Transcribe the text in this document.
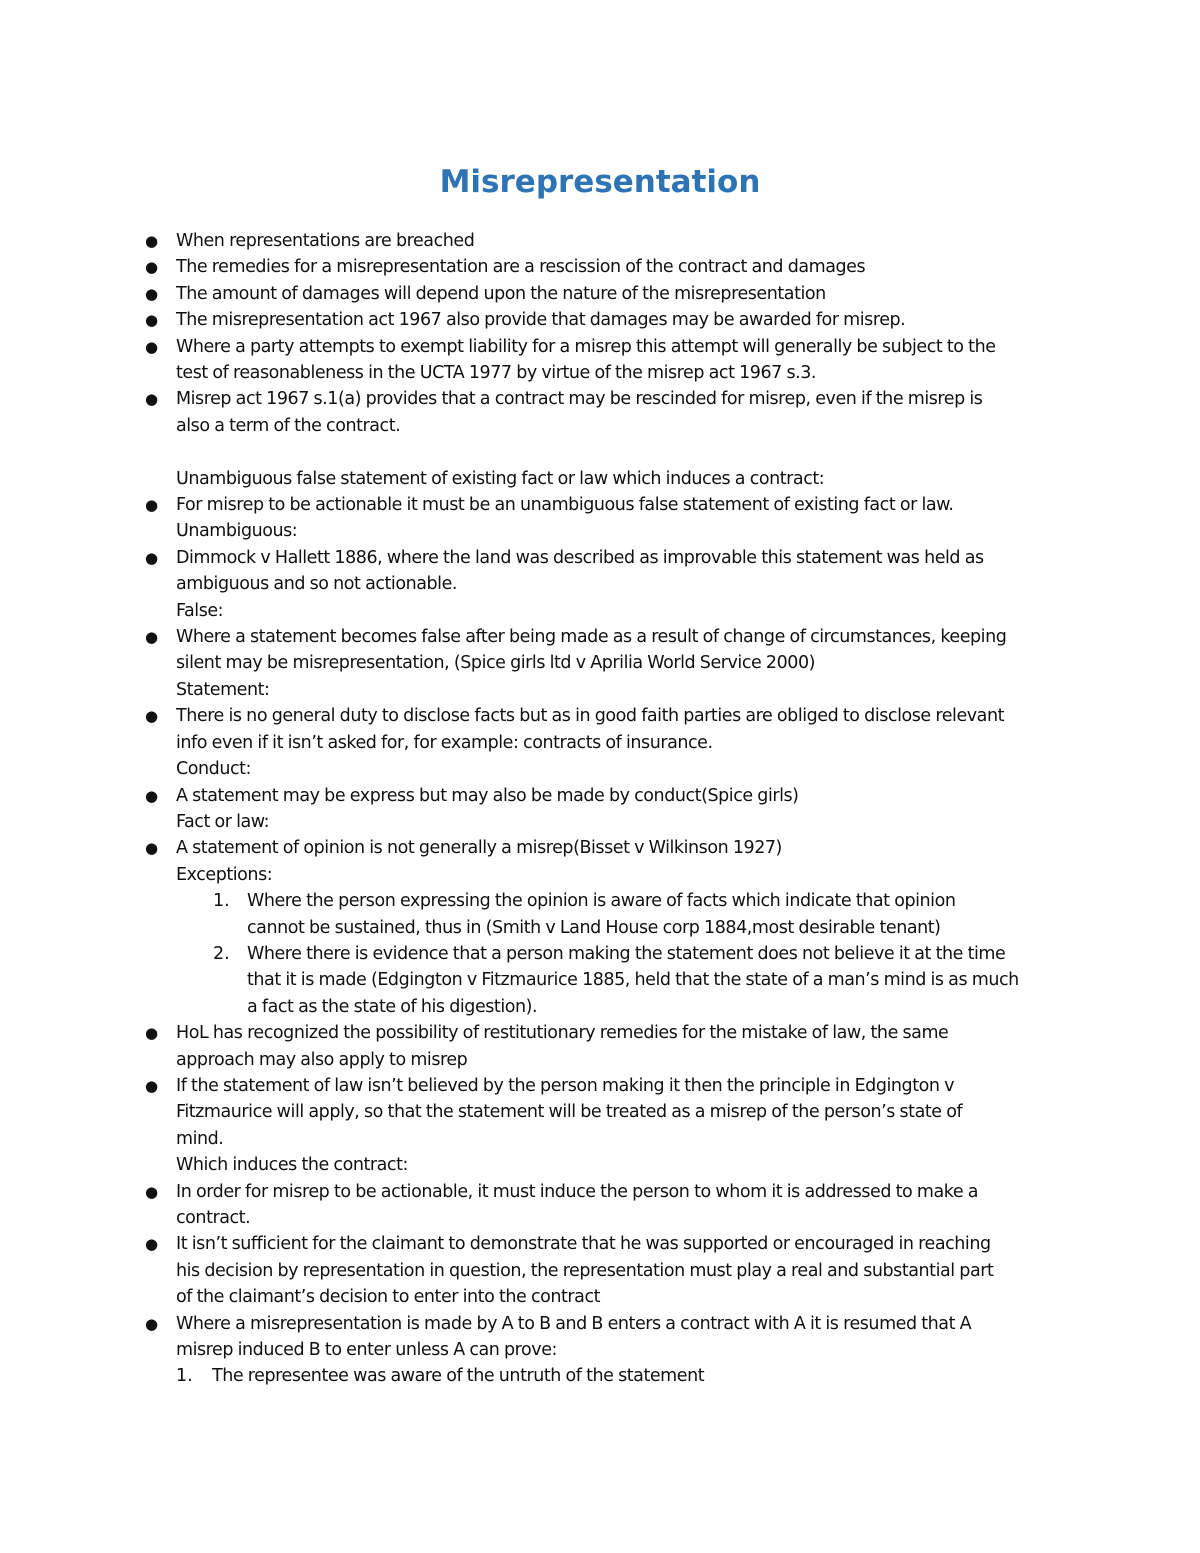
Misrepresentation
● When representations are breached
● The remedies for a misrepresentation are a rescission of the contract and damages
● The amount of damages will depend upon the nature of the misrepresentation
● The misrepresentation act 1967 also provide that damages may be awarded for misrep.
● Where a party attempts to exempt liability for a misrep this attempt will generally be subject to the
test of reasonableness in the UCTA 1977 by virtue of the misrep act 1967 s.3.
● Misrep act 1967 s.1(a) provides that a contract may be rescinded for misrep, even if the misrep is
also a term of the contract.
Unambiguous false statement of existing fact or law which induces a contract:
● For misrep to be actionable it must be an unambiguous false statement of existing fact or law.
Unambiguous:
● Dimmock v Hallett 1886, where the land was described as improvable this statement was held as
ambiguous and so not actionable.
False:
● Where a statement becomes false after being made as a result of change of circumstances, keeping
silent may be misrepresentation, (Spice girls ltd v Aprilia World Service 2000)
Statement:
● There is no general duty to disclose facts but as in good faith parties are obliged to disclose relevant
info even if it isn’t asked for, for example: contracts of insurance.
Conduct:
● A statement may be express but may also be made by conduct(Spice girls)
Fact or law:
● A statement of opinion is not generally a misrep(Bisset v Wilkinson 1927)
Exceptions:
1. Where the person expressing the opinion is aware of facts which indicate that opinion
cannot be sustained, thus in (Smith v Land House corp 1884,most desirable tenant)
2. Where there is evidence that a person making the statement does not believe it at the time
that it is made (Edgington v Fitzmaurice 1885, held that the state of a man’s mind is as much
a fact as the state of his digestion).
● HoL has recognized the possibility of restitutionary remedies for the mistake of law, the same
approach may also apply to misrep
● If the statement of law isn’t believed by the person making it then the principle in Edgington v
Fitzmaurice will apply, so that the statement will be treated as a misrep of the person’s state of
mind.
Which induces the contract:
● In order for misrep to be actionable, it must induce the person to whom it is addressed to make a
contract.
● It isn’t sufficient for the claimant to demonstrate that he was supported or encouraged in reaching
his decision by representation in question, the representation must play a real and substantial part
of the claimant’s decision to enter into the contract
● Where a misrepresentation is made by A to B and B enters a contract with A it is resumed that A
misrep induced B to enter unless A can prove:
1. The representee was aware of the untruth of the statement
